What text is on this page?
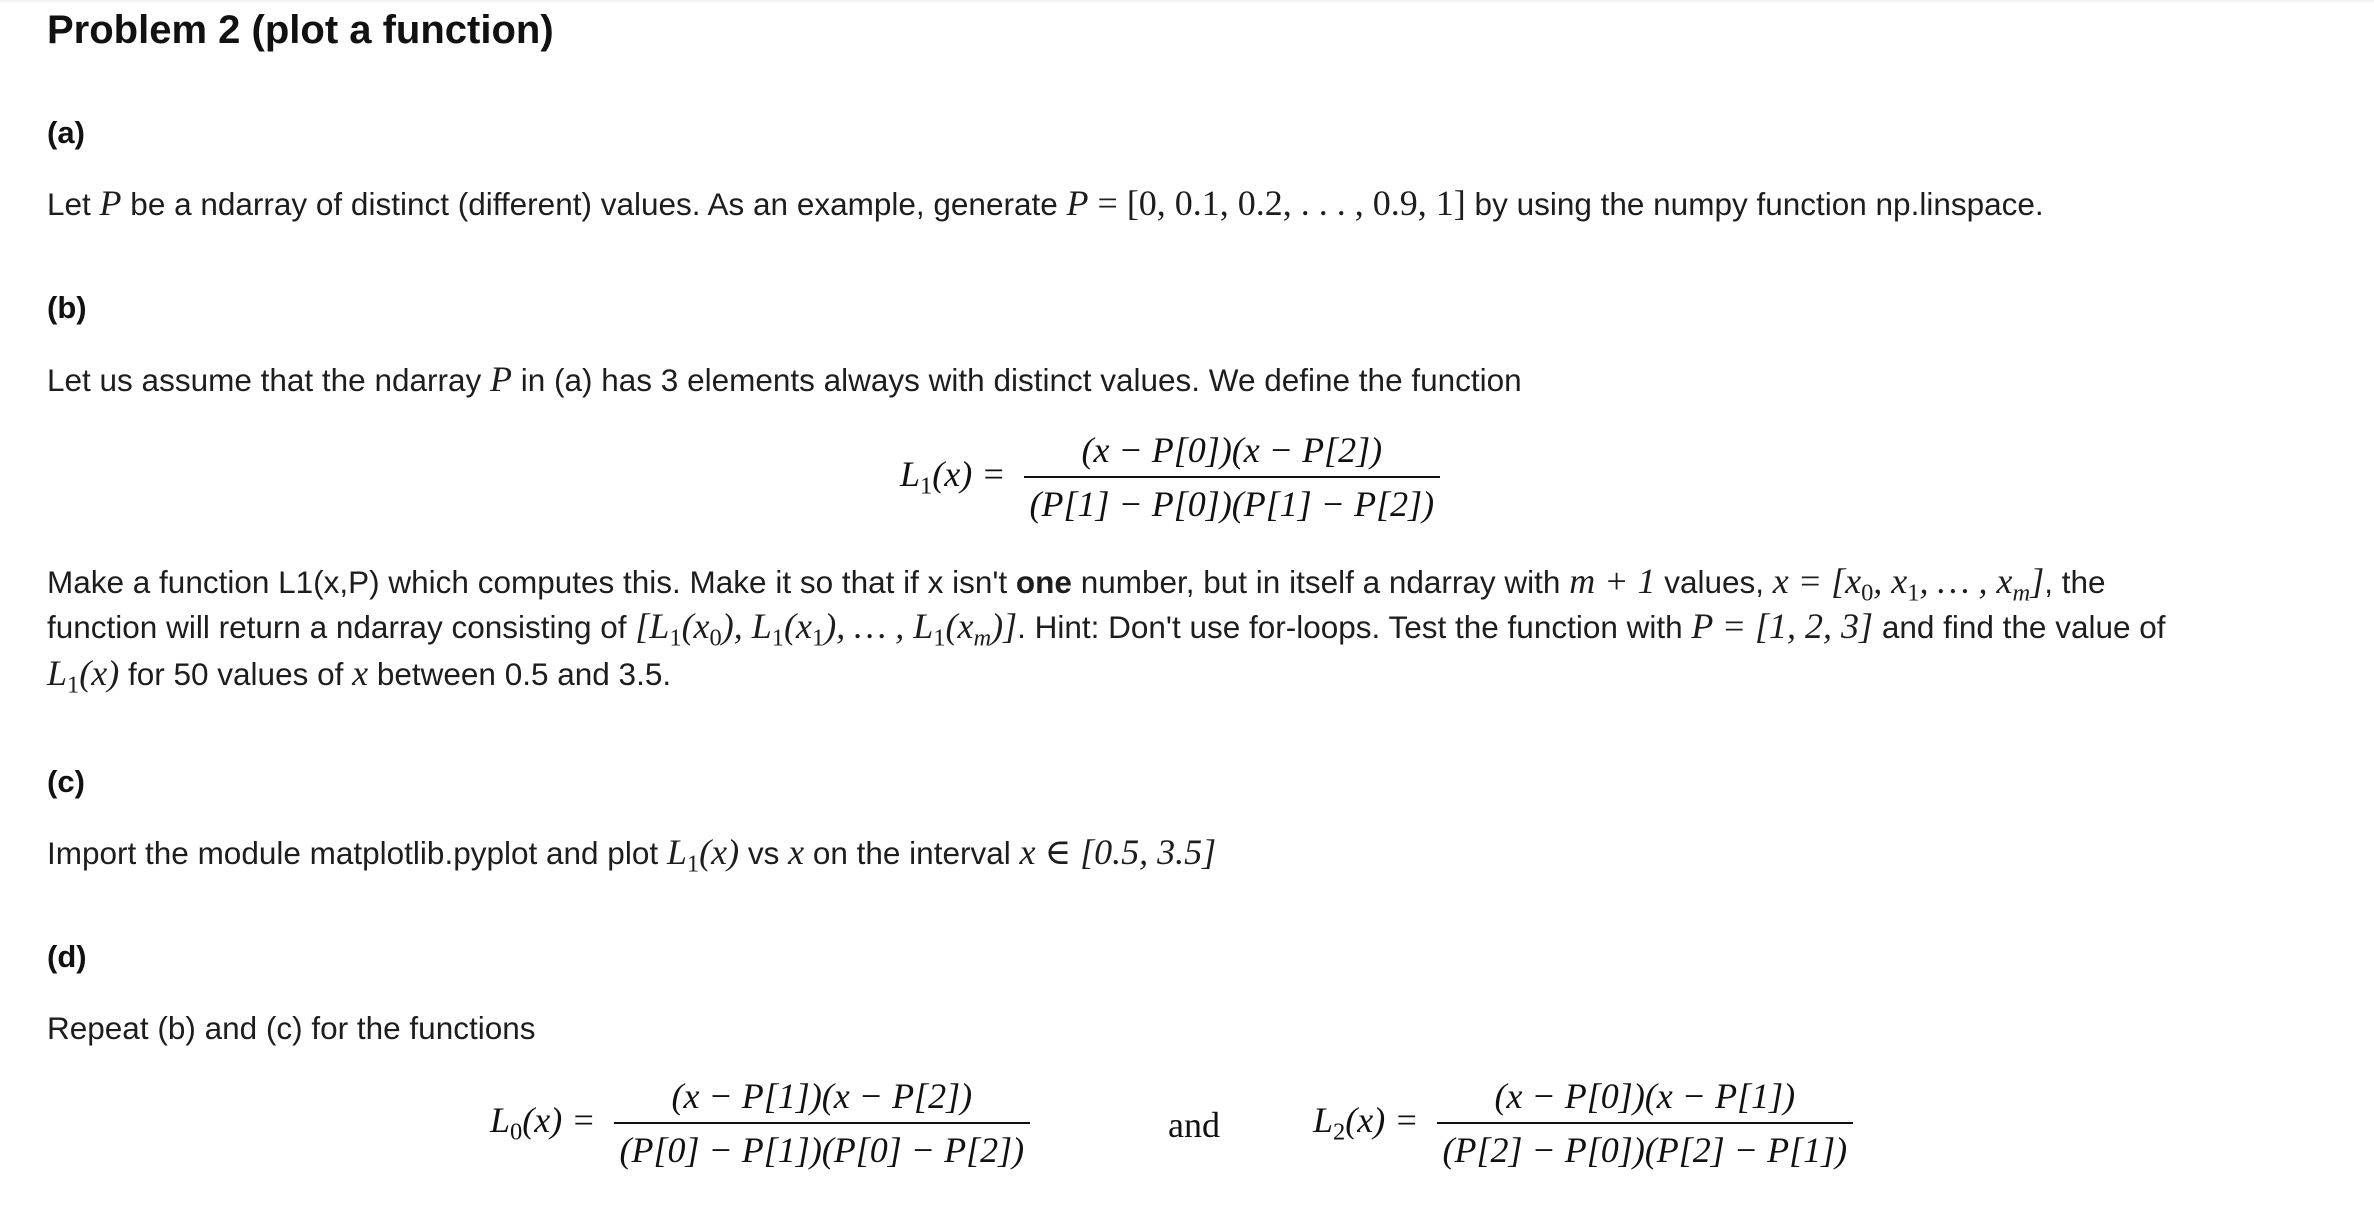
Problem 2 (plot a function)
(a)

Let P be a ndarray of distinct (different) values. As an example, generate P = [0, 0.1, 0.2, . . . , 0.9, 1] by using the numpy function np.linspace.

(b)

Let us assume that the ndarray P in (a) has 3 elements always with distinct values. We define the function

$L_1(x) = \frac{(x - P[0])(x - P[2])}{(P[1] - P[0])(P[1] - P[2])}$

Make a function L1(x,P) which computes this. Make it so that if x isn't one number, but in itself a ndarray with m + 1 values, $x = [x_0$, $x_1$, … , $x_m$], the

function will return a ndarray consisting of [$L_1(x_0)$, $L_1(x_1)$, … , $L_1(x_m)$]. Hint: Don't use for-loops. Test the function with P = [1, 2, 3] and find the value of

$L_1(x)$ for 50 values of x between 0.5 and 3.5.

(c)

Import the module matplotlib.pyplot and plot $L_1(x)$ vs x on the interval x ∈ [0.5, 3.5]

(d)

Repeat (b) and (c) for the functions

$L_0(x) = \frac{(x - P[1])(x - P[2])}{(P[0] - P[1])(P[0] - P[2])}$	and	$L_2(x) = \frac{(x - P[0])(x - P[1])}{(P[2] - P[0])(P[2] - P[1])}$
